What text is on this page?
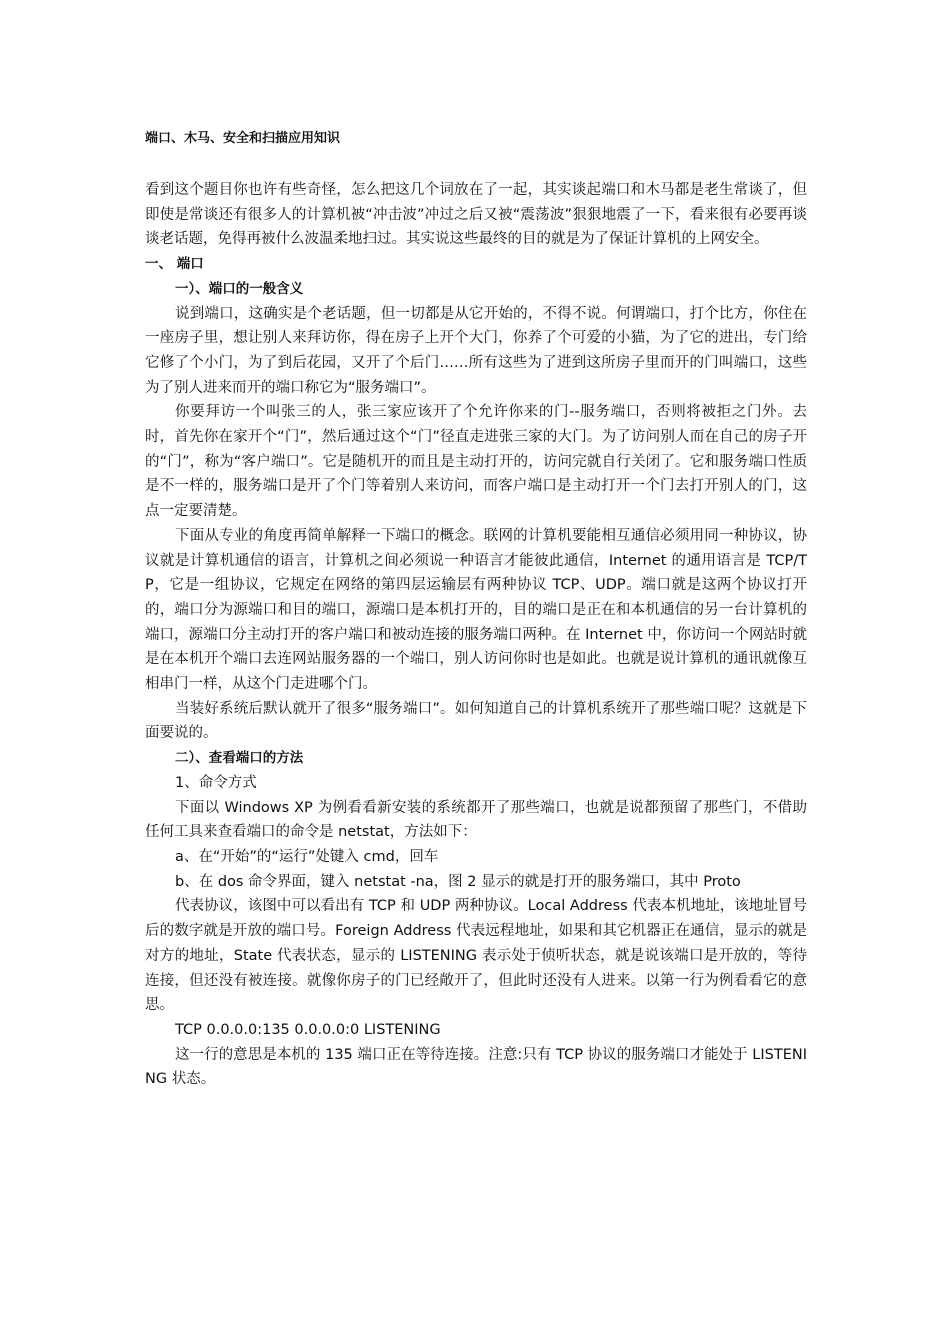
端口、木马、安全和扫描应用知识

看到这个题目你也许有些奇怪，怎么把这几个词放在了一起，其实谈起端口和木马都是老生常谈了，但即使是常谈还有很多人的计算机被“冲击波”冲过之后又被“震荡波”狠狠地震了一下，看来很有必要再谈谈老话题，免得再被什么波温柔地扫过。其实说这些最终的目的就是为了保证计算机的上网安全。

一、 端口
一）、端口的一般含义

说到端口，这确实是个老话题，但一切都是从它开始的，不得不说。何谓端口，打个比方，你住在一座房子里，想让别人来拜访你，得在房子上开个大门，你养了个可爱的小猫，为了它的进出，专门给它修了个小门，为了到后花园，又开了个后门……所有这些为了进到这所房子里而开的门叫端口，这些为了别人进来而开的端口称它为“服务端口”。

你要拜访一个叫张三的人，张三家应该开了个允许你来的门--服务端口，否则将被拒之门外。去时，首先你在家开个“门”，然后通过这个“门”径直走进张三家的大门。为了访问别人而在自己的房子开的“门”，称为“客户端口”。它是随机开的而且是主动打开的，访问完就自行关闭了。它和服务端口性质是不一样的，服务端口是开了个门等着别人来访问，而客户端口是主动打开一个门去打开别人的门，这点一定要清楚。

下面从专业的角度再简单解释一下端口的概念。联网的计算机要能相互通信必须用同一种协议，协议就是计算机通信的语言，计算机之间必须说一种语言才能彼此通信，Internet 的通用语言是 TCP/TP，它是一组协议，它规定在网络的第四层运输层有两种协议 TCP、UDP。端口就是这两个协议打开的，端口分为源端口和目的端口，源端口是本机打开的，目的端口是正在和本机通信的另一台计算机的端口，源端口分主动打开的客户端口和被动连接的服务端口两种。在 Internet 中，你访问一个网站时就是在本机开个端口去连网站服务器的一个端口，别人访问你时也是如此。也就是说计算机的通讯就像互相串门一样，从这个门走进哪个门。

当装好系统后默认就开了很多“服务端口”。如何知道自己的计算机系统开了那些端口呢？这就是下面要说的。

二）、查看端口的方法

1、命令方式

下面以 Windows XP 为例看看新安装的系统都开了那些端口，也就是说都预留了那些门，不借助任何工具来查看端口的命令是 netstat，方法如下：

a、在“开始”的“运行”处键入 cmd，回车

b、在 dos 命令界面，键入 netstat -na，图 2 显示的就是打开的服务端口，其中 Proto

代表协议，该图中可以看出有 TCP 和 UDP 两种协议。Local Address 代表本机地址，该地址冒号后的数字就是开放的端口号。Foreign Address 代表远程地址，如果和其它机器正在通信，显示的就是对方的地址，State 代表状态，显示的 LISTENING 表示处于侦听状态，就是说该端口是开放的，等待连接，但还没有被连接。就像你房子的门已经敞开了，但此时还没有人进来。以第一行为例看看它的意思。

TCP 0.0.0.0:135 0.0.0.0:0 LISTENING

这一行的意思是本机的 135 端口正在等待连接。注意:只有 TCP 协议的服务端口才能处于 LISTENING 状态。
